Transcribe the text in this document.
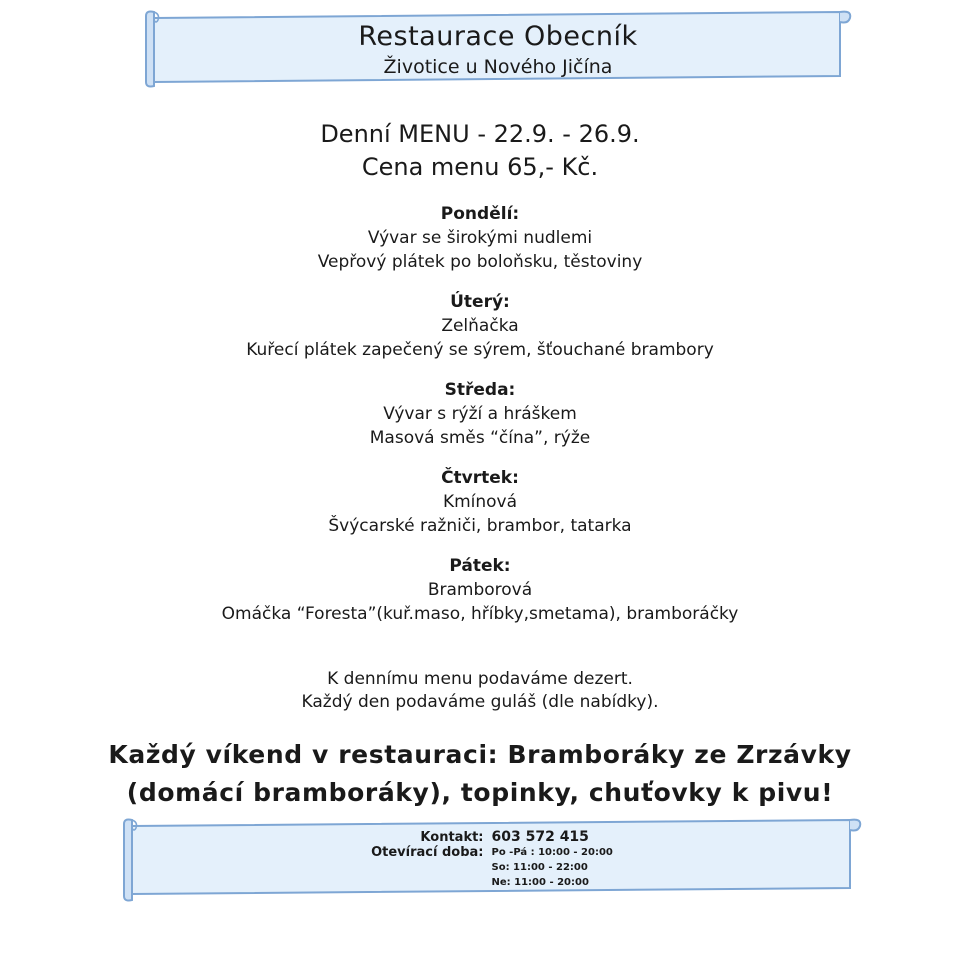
Restaurace Obecník
Životice u Nového Jičína
Denní MENU - 22.9. - 26.9.
Cena menu 65,- Kč.
Pondělí:
Vývar se širokými nudlemi
Vepřový plátek po boloňsku, těstoviny
Úterý:
Zelňačka
Kuřecí plátek zapečený se sýrem, šťouchané brambory
Středa:
Vývar s rýží a hráškem
Masová směs “čína”, rýže
Čtvrtek:
Kmínová
Švýcarské ražniči, brambor, tatarka
Pátek:
Bramborová
Omáčka “Foresta”(kuř.maso, hříbky,smetama), bramboráčky
K dennímu menu podaváme dezert.
Každý den podaváme guláš (dle nabídky).
Každý víkend v restauraci: Bramboráky ze Zrzávky
(domácí bramboráky), topinky, chuťovky k pivu!
Kontakt:	603 572 415
Otevírací doba:	Po -Pá : 10:00 - 20:00
	So: 11:00 - 22:00
	Ne: 11:00 - 20:00
